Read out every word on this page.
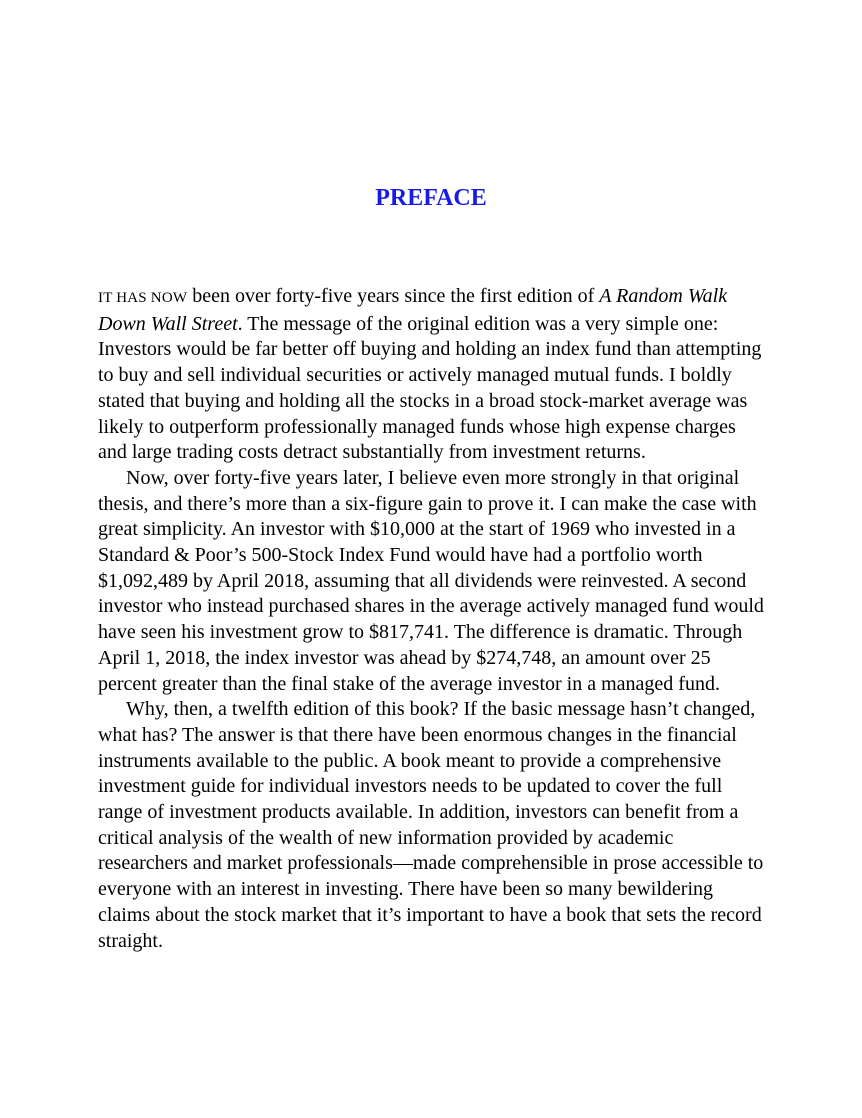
PREFACE

IT HAS NOW been over forty-five years since the first edition of A Random Walk Down Wall Street. The message of the original edition was a very simple one: Investors would be far better off buying and holding an index fund than attempting to buy and sell individual securities or actively managed mutual funds. I boldly stated that buying and holding all the stocks in a broad stock-market average was likely to outperform professionally managed funds whose high expense charges and large trading costs detract substantially from investment returns.

Now, over forty-five years later, I believe even more strongly in that original thesis, and there’s more than a six-figure gain to prove it. I can make the case with great simplicity. An investor with $10,000 at the start of 1969 who invested in a Standard & Poor’s 500-Stock Index Fund would have had a portfolio worth $1,092,489 by April 2018, assuming that all dividends were reinvested. A second investor who instead purchased shares in the average actively managed fund would have seen his investment grow to $817,741. The difference is dramatic. Through April 1, 2018, the index investor was ahead by $274,748, an amount over 25 percent greater than the final stake of the average investor in a managed fund.

Why, then, a twelfth edition of this book? If the basic message hasn’t changed, what has? The answer is that there have been enormous changes in the financial instruments available to the public. A book meant to provide a comprehensive investment guide for individual investors needs to be updated to cover the full range of investment products available. In addition, investors can benefit from a critical analysis of the wealth of new information provided by academic researchers and market professionals—made comprehensible in prose accessible to everyone with an interest in investing. There have been so many bewildering claims about the stock market that it’s important to have a book that sets the record straight.
